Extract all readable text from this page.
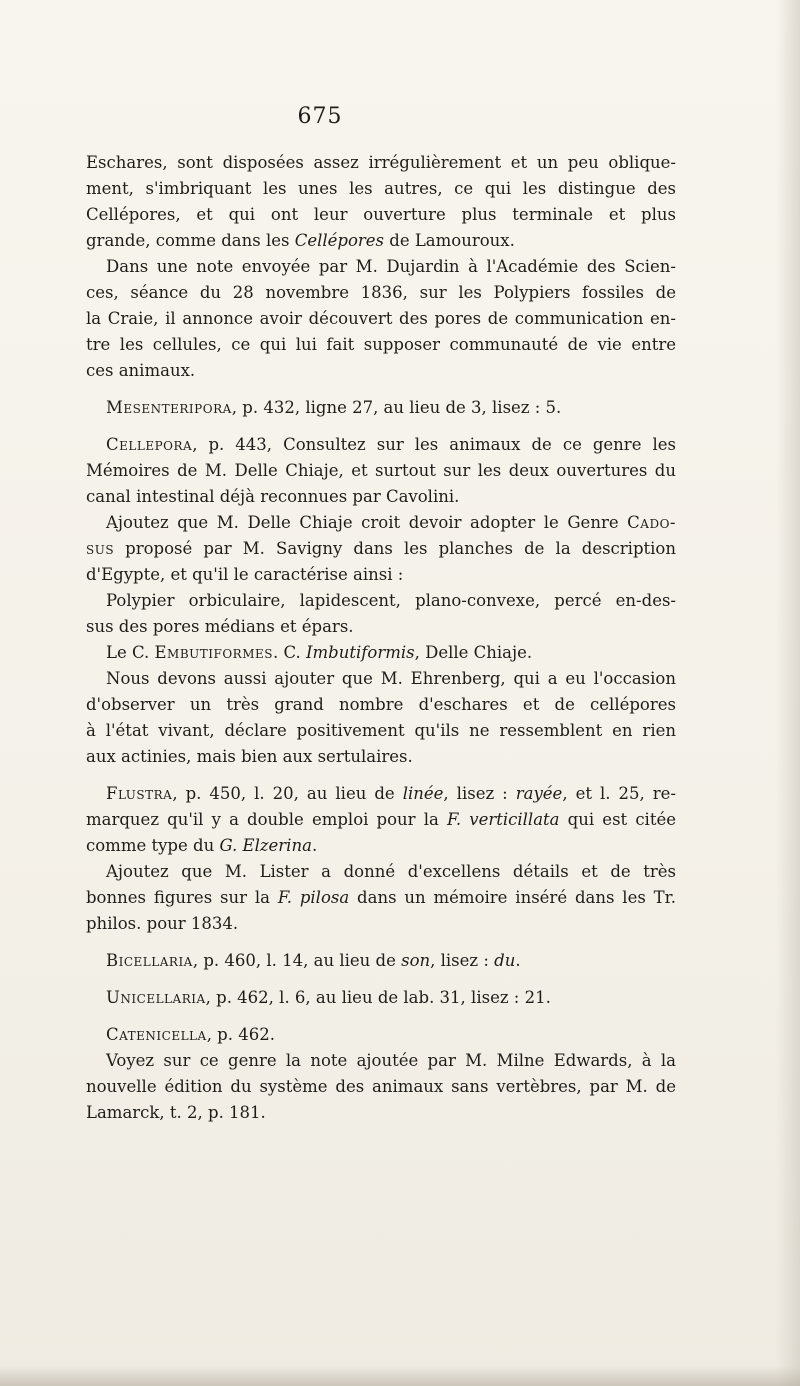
675
Eschares, sont disposées assez irrégulièrement et un peu oblique-
ment, s'imbriquant les unes les autres, ce qui les distingue des
Cellépores, et qui ont leur ouverture plus terminale et plus
grande, comme dans les Cellépores de Lamouroux.
Dans une note envoyée par M. Dujardin à l'Académie des Scien-
ces, séance du 28 novembre 1836, sur les Polypiers fossiles de
la Craie, il annonce avoir découvert des pores de communication en-
tre les cellules, ce qui lui fait supposer communauté de vie entre
ces animaux.
Mesenteripora, p. 432, ligne 27, au lieu de 3, lisez : 5.
Cellepora, p. 443, Consultez sur les animaux de ce genre les
Mémoires de M. Delle Chiaje, et surtout sur les deux ouvertures du
canal intestinal déjà reconnues par Cavolini.
Ajoutez que M. Delle Chiaje croit devoir adopter le Genre Cado-
sus proposé par M. Savigny dans les planches de la description
d'Egypte, et qu'il le caractérise ainsi :
Polypier orbiculaire, lapidescent, plano-convexe, percé en-des-
sus des pores médians et épars.
Le C. Embutiformes. C. Imbutiformis, Delle Chiaje.
Nous devons aussi ajouter que M. Ehrenberg, qui a eu l'occasion
d'observer un très grand nombre d'eschares et de cellépores
à l'état vivant, déclare positivement qu'ils ne ressemblent en rien
aux actinies, mais bien aux sertulaires.
Flustra, p. 450, l. 20, au lieu de linée, lisez : rayée, et l. 25, re-
marquez qu'il y a double emploi pour la F. verticillata qui est citée
comme type du G. Elzerina.
Ajoutez que M. Lister a donné d'excellens détails et de très
bonnes figures sur la F. pilosa dans un mémoire inséré dans les Tr.
philos. pour 1834.
Bicellaria, p. 460, l. 14, au lieu de son, lisez : du.
Unicellaria, p. 462, l. 6, au lieu de lab. 31, lisez : 21.
Catenicella, p. 462.
Voyez sur ce genre la note ajoutée par M. Milne Edwards, à la
nouvelle édition du système des animaux sans vertèbres, par M. de
Lamarck, t. 2, p. 181.
